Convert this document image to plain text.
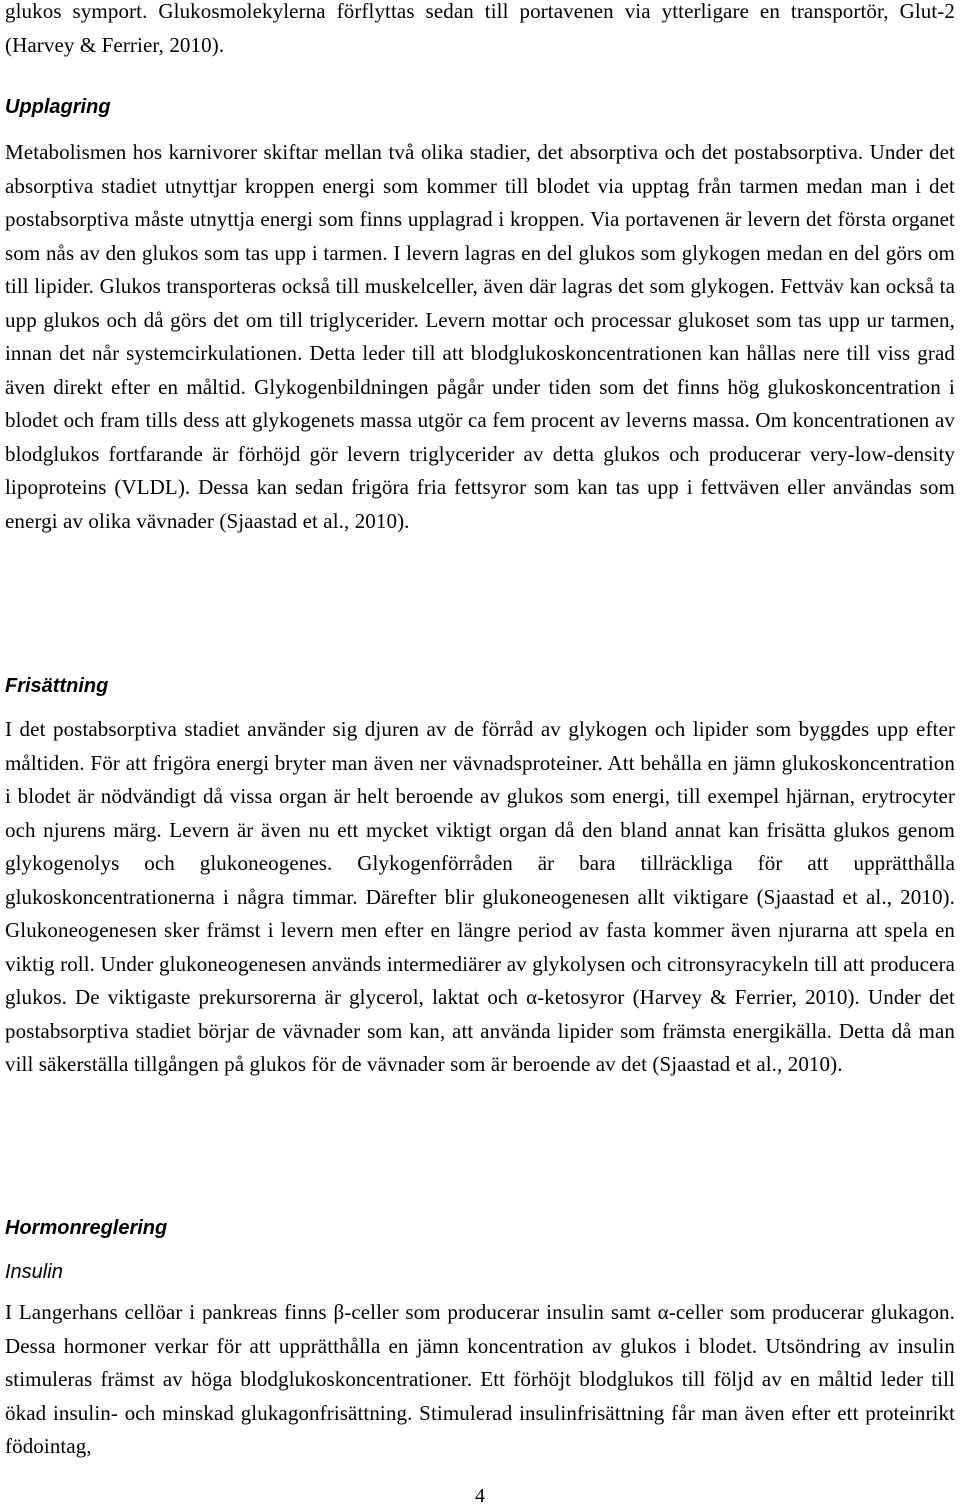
glukos symport. Glukosmolekylerna förflyttas sedan till portavenen via ytterligare en transportör, Glut-2 (Harvey & Ferrier, 2010).

Upplagring

Metabolismen hos karnivorer skiftar mellan två olika stadier, det absorptiva och det postabsorptiva. Under det absorptiva stadiet utnyttjar kroppen energi som kommer till blodet via upptag från tarmen medan man i det postabsorptiva måste utnyttja energi som finns upplagrad i kroppen. Via portavenen är levern det första organet som nås av den glukos som tas upp i tarmen. I levern lagras en del glukos som glykogen medan en del görs om till lipider. Glukos transporteras också till muskelceller, även där lagras det som glykogen. Fettväv kan också ta upp glukos och då görs det om till triglycerider. Levern mottar och processar glukoset som tas upp ur tarmen, innan det når systemcirkulationen. Detta leder till att blodglukoskoncentrationen kan hållas nere till viss grad även direkt efter en måltid. Glykogenbildningen pågår under tiden som det finns hög glukoskoncentration i blodet och fram tills dess att glykogenets massa utgör ca fem procent av leverns massa. Om koncentrationen av blodglukos fortfarande är förhöjd gör levern triglycerider av detta glukos och producerar very-low-density lipoproteins (VLDL). Dessa kan sedan frigöra fria fettsyror som kan tas upp i fettväven eller användas som energi av olika vävnader (Sjaastad et al., 2010).

Frisättning

I det postabsorptiva stadiet använder sig djuren av de förråd av glykogen och lipider som byggdes upp efter måltiden. För att frigöra energi bryter man även ner vävnadsproteiner. Att behålla en jämn glukoskoncentration i blodet är nödvändigt då vissa organ är helt beroende av glukos som energi, till exempel hjärnan, erytrocyter och njurens märg. Levern är även nu ett mycket viktigt organ då den bland annat kan frisätta glukos genom glykogenolys och glukoneogenes. Glykogenförråden är bara tillräckliga för att upprätthålla glukoskoncentrationerna i några timmar. Därefter blir glukoneogenesen allt viktigare (Sjaastad et al., 2010). Glukoneogenesen sker främst i levern men efter en längre period av fasta kommer även njurarna att spela en viktig roll. Under glukoneogenesen används intermediärer av glykolysen och citronsyracykeln till att producera glukos. De viktigaste prekursorerna är glycerol, laktat och α-ketosyror (Harvey & Ferrier, 2010). Under det postabsorptiva stadiet börjar de vävnader som kan, att använda lipider som främsta energikälla. Detta då man vill säkerställa tillgången på glukos för de vävnader som är beroende av det (Sjaastad et al., 2010).

Hormonreglering
Insulin

I Langerhans cellöar i pankreas finns β-celler som producerar insulin samt α-celler som producerar glukagon. Dessa hormoner verkar för att upprätthålla en jämn koncentration av glukos i blodet. Utsöndring av insulin stimuleras främst av höga blodglukoskoncentrationer. Ett förhöjt blodglukos till följd av en måltid leder till ökad insulin- och minskad glukagonfrisättning. Stimulerad insulinfrisättning får man även efter ett proteinrikt födointag,

4
